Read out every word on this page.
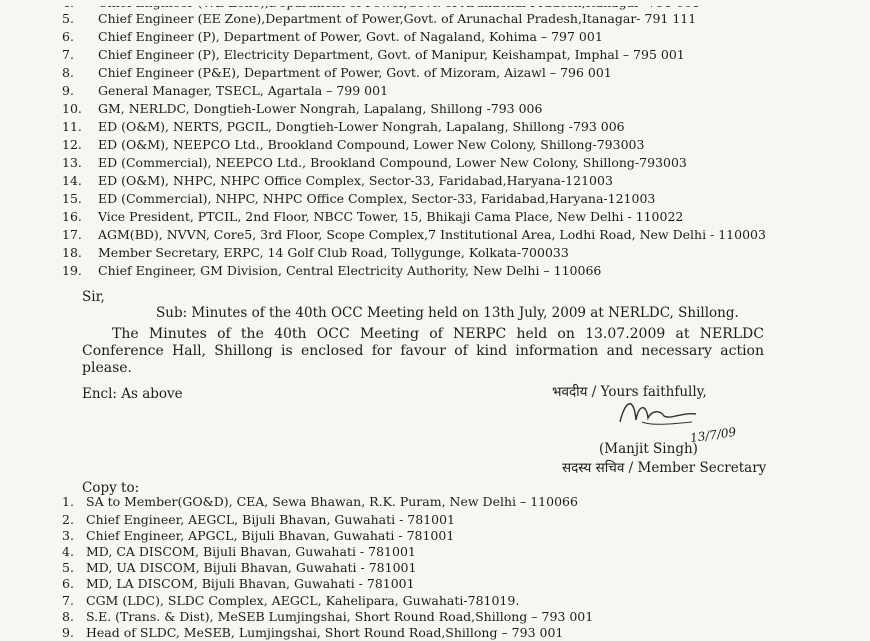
5. Chief Engineer (EE Zone),Department of Power,Govt. of Arunachal Pradesh,Itanagar- 791 111
6. Chief Engineer (P), Department of Power, Govt. of Nagaland, Kohima – 797 001
7. Chief Engineer (P), Electricity Department, Govt. of Manipur, Keishampat, Imphal – 795 001
8. Chief Engineer (P&E), Department of Power, Govt. of Mizoram, Aizawl – 796 001
9. General Manager, TSECL, Agartala – 799 001
10. GM, NERLDC, Dongtieh-Lower Nongrah, Lapalang, Shillong -793 006
11. ED (O&M), NERTS, PGCIL, Dongtieh-Lower Nongrah, Lapalang, Shillong -793 006
12. ED (O&M), NEEPCO Ltd., Brookland Compound, Lower New Colony, Shillong-793003
13. ED (Commercial), NEEPCO Ltd., Brookland Compound, Lower New Colony, Shillong-793003
14. ED (O&M), NHPC, NHPC Office Complex, Sector-33, Faridabad,Haryana-121003
15. ED (Commercial), NHPC, NHPC Office Complex, Sector-33, Faridabad,Haryana-121003
16. Vice President, PTCIL, 2nd Floor, NBCC Tower, 15, Bhikaji Cama Place, New Delhi - 110022
17. AGM(BD), NVVN, Core5, 3rd Floor, Scope Complex,7 Institutional Area, Lodhi Road, New Delhi - 110003
18. Member Secretary, ERPC, 14 Golf Club Road, Tollygunge, Kolkata-700033
19. Chief Engineer, GM Division, Central Electricity Authority, New Delhi – 110066
Sir,
Sub: Minutes of the 40th OCC Meeting held on 13th July, 2009 at NERLDC, Shillong.
The Minutes of the 40th OCC Meeting of NERPC held on 13.07.2009 at NERLDC Conference Hall, Shillong is enclosed for favour of kind information and necessary action please.
Encl: As above	भवदीय / Yours faithfully,
(Manjit Singh)
13/7/09
सदस्य सचिव / Member Secretary
Copy to:
1. SA to Member(GO&D), CEA, Sewa Bhawan, R.K. Puram, New Delhi – 110066
2. Chief Engineer, AEGCL, Bijuli Bhavan, Guwahati - 781001
3. Chief Engineer, APGCL, Bijuli Bhavan, Guwahati - 781001
4. MD, CA DISCOM, Bijuli Bhavan, Guwahati - 781001
5. MD, UA DISCOM, Bijuli Bhavan, Guwahati - 781001
6. MD, LA DISCOM, Bijuli Bhavan, Guwahati - 781001
7. CGM (LDC), SLDC Complex, AEGCL, Kahelipara, Guwahati-781019.
8. S.E. (Trans. & Dist), MeSEB Lumjingshai, Short Round Road,Shillong – 793 001
9. Head of SLDC, MeSEB, Lumjingshai, Short Round Road,Shillong – 793 001
